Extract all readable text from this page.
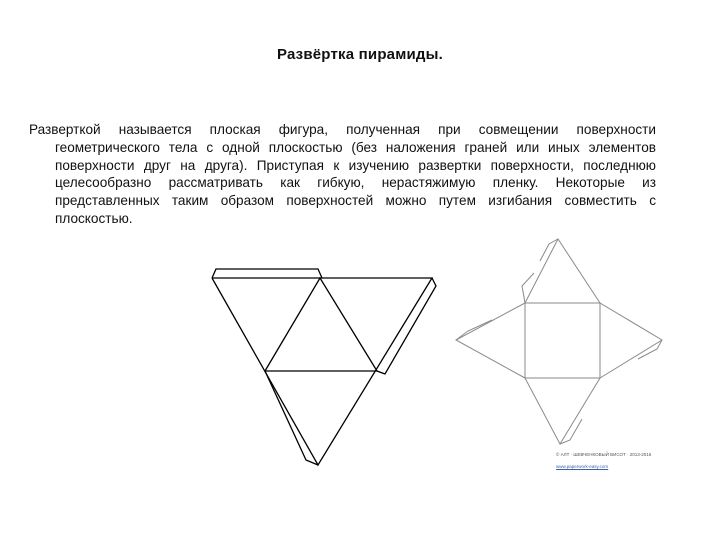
Развёртка пирамиды.
Разверткой называется плоская фигура, полученная при совмещении поверхности геометрического тела с одной плоскостью (без наложения граней или иных элементов поверхности друг на друга). Приступая к изучению развертки поверхности, последнюю целесообразно рассматривать как гибкую, нерастяжимую пленку. Некоторые из представленных таким образом поверхностей можно путем изгибания совместить с плоскостью.
© АЛТ · ШЕВЧЕНКОВЫЙ ВИСОТ · 2013-2016
www.paperwork-easy.com
